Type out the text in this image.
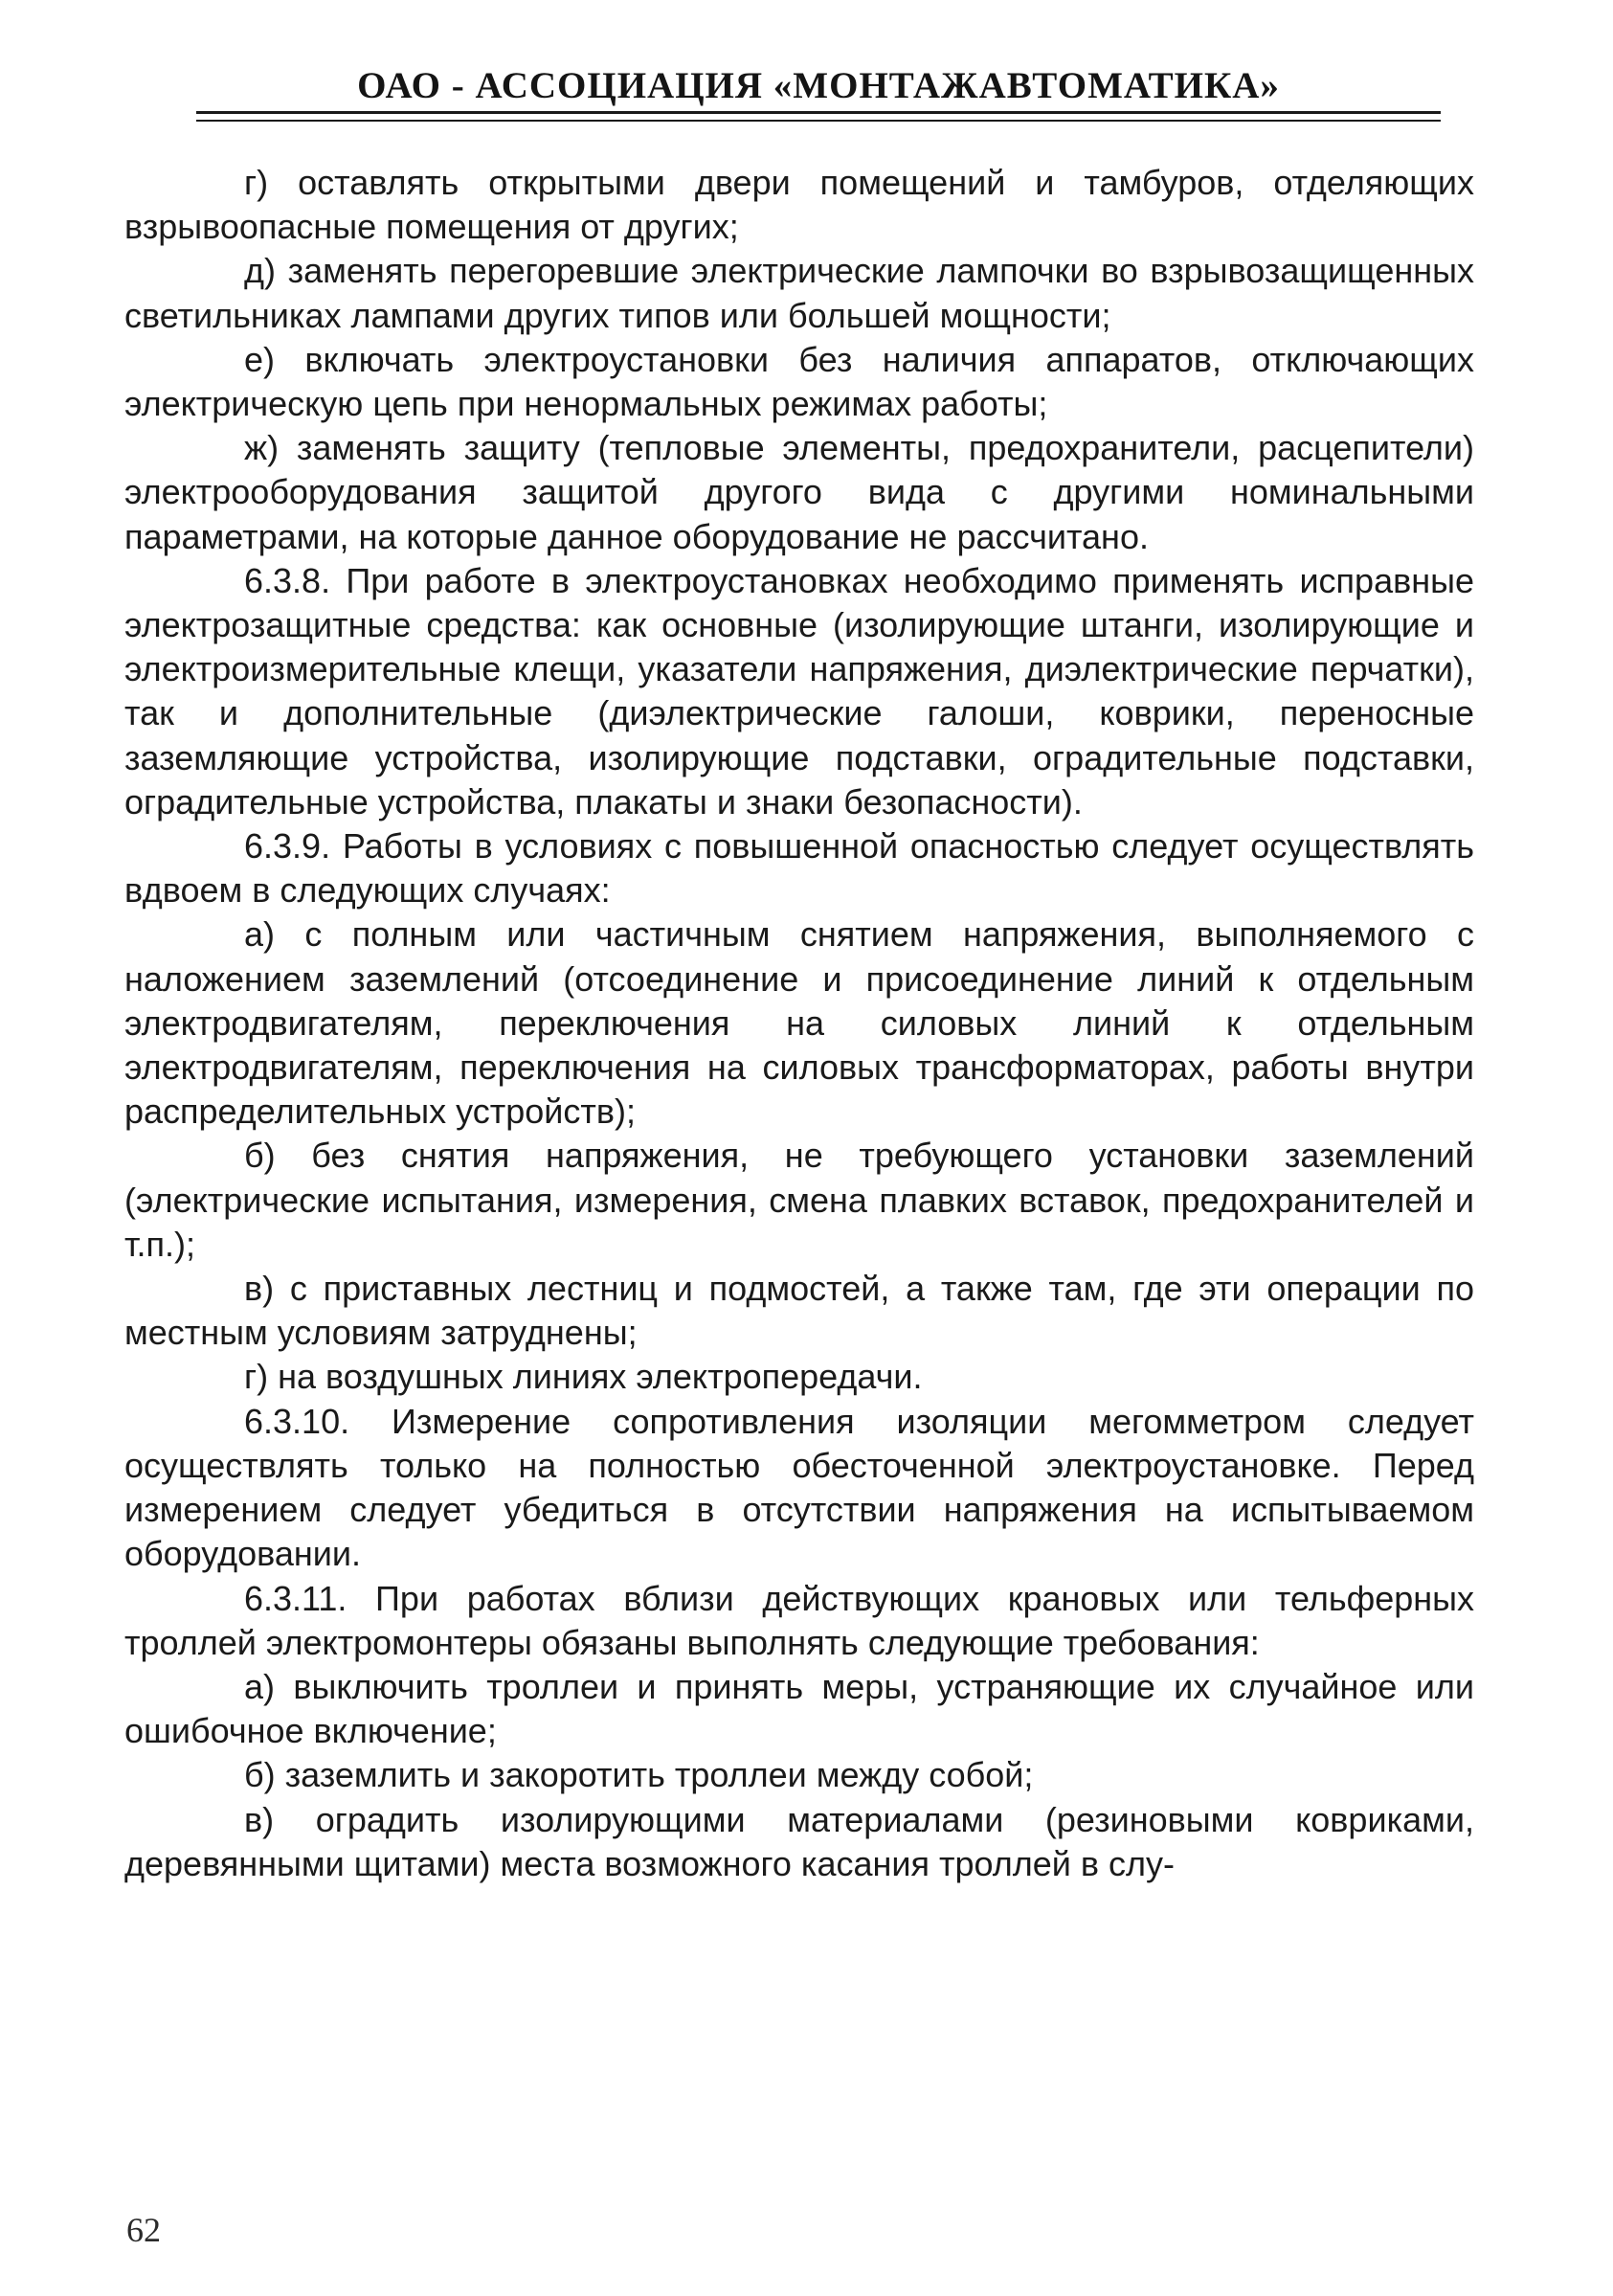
ОАО - АССОЦИАЦИЯ «МОНТАЖАВТОМАТИКА»

г) оставлять открытыми двери помещений и тамбуров, отделяющих взрывоопасные помещения от других;

д) заменять перегоревшие электрические лампочки во взрывозащищенных светильниках лампами других типов или большей мощности;

е) включать электроустановки без наличия аппаратов, отключающих электрическую цепь при ненормальных режимах работы;

ж) заменять защиту (тепловые элементы, предохранители, расцепители) электрооборудования защитой другого вида с другими номинальными параметрами, на которые данное оборудование не рассчитано.

6.3.8. При работе в электроустановках необходимо применять исправные электрозащитные средства: как основные (изолирующие штанги, изолирующие и электроизмерительные клещи, указатели напряжения, диэлектрические перчатки), так и дополнительные (диэлектрические галоши, коврики, переносные заземляющие устройства, изолирующие подставки, оградительные подставки, оградительные устройства, плакаты и знаки безопасности).

6.3.9. Работы в условиях с повышенной опасностью следует осуществлять вдвоем в следующих случаях:

а) с полным или частичным снятием напряжения, выполняемого с наложением заземлений (отсоединение и присоединение линий к отдельным электродвигателям, переключения на силовых линий к отдельным электродвигателям, переключения на силовых трансформаторах, работы внутри распределительных устройств);

б) без снятия напряжения, не требующего установки заземлений (электрические испытания, измерения, смена плавких вставок, предохранителей и т.п.);

в) с приставных лестниц и подмостей, а также там, где эти операции по местным условиям затруднены;

г) на воздушных линиях электропередачи.

6.3.10. Измерение сопротивления изоляции мегомметром следует осуществлять только на полностью обесточенной электроустановке. Перед измерением следует убедиться в отсутствии напряжения на испытываемом оборудовании.

6.3.11. При работах вблизи действующих крановых или тельферных троллей электромонтеры обязаны выполнять следующие требования:

а) выключить троллеи и принять меры, устраняющие их случайное или ошибочное включение;

б) заземлить и закоротить троллеи между собой;

в) оградить изолирующими материалами (резиновыми ковриками, деревянными щитами) места возможного касания троллей в слу-

62
